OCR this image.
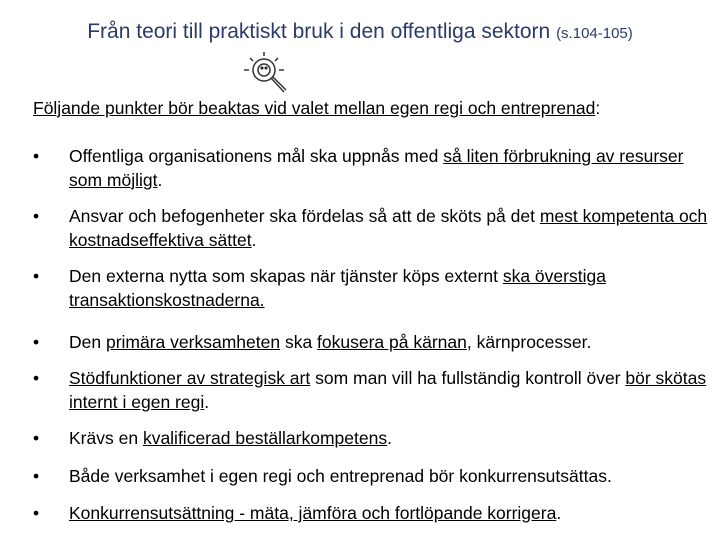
Från teori till praktiskt bruk i den offentliga sektorn (s.104-105)
Följande punkter bör beaktas vid valet mellan egen regi och entreprenad:
• Offentliga organisationens mål ska uppnås med så liten förbrukning av resurser som möjligt.
• Ansvar och befogenheter ska fördelas så att de sköts på det mest kompetenta och kostnadseffektiva sättet.
• Den externa nytta som skapas när tjänster köps externt ska överstiga transaktionskostnaderna.
• Den primära verksamheten ska fokusera på kärnan, kärnprocesser.
• Stödfunktioner av strategisk art som man vill ha fullständig kontroll över bör skötas internt i egen regi.
• Krävs en kvalificerad beställarkompetens.
• Både verksamhet i egen regi och entreprenad bör konkurrensutsättas.
• Konkurrensutsättning - mäta, jämföra och fortlöpande korrigera.
